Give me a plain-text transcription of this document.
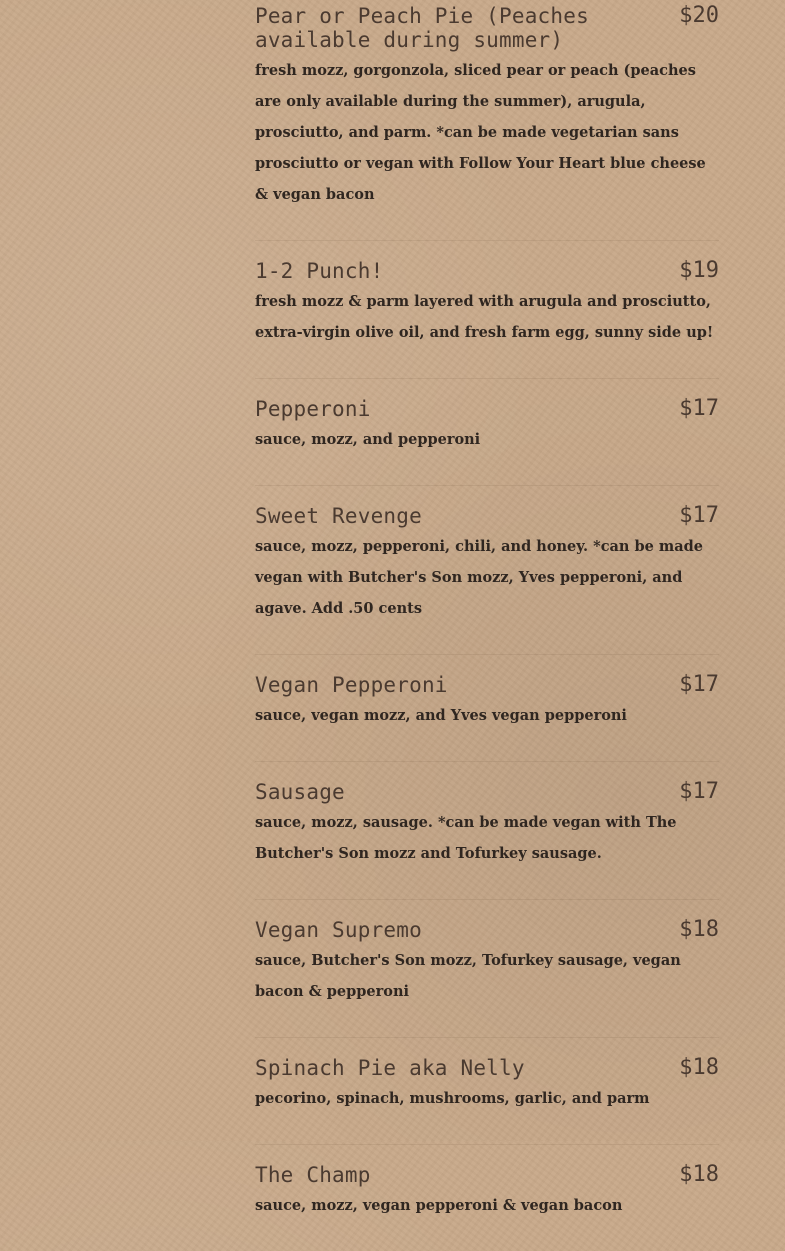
Pear or Peach Pie (Peaches available during summer)
$20
fresh mozz, gorgonzola, sliced pear or peach (peaches are only available during the summer), arugula, prosciutto, and parm. *can be made vegetarian sans prosciutto or vegan with Follow Your Heart blue cheese & vegan bacon
1-2 Punch!	$19
fresh mozz & parm layered with arugula and prosciutto, extra-virgin olive oil, and fresh farm egg, sunny side up!
Pepperoni	$17
sauce, mozz, and pepperoni
Sweet Revenge	$17
sauce, mozz, pepperoni, chili, and honey. *can be made vegan with Butcher's Son mozz, Yves pepperoni, and agave. Add .50 cents
Vegan Pepperoni	$17
sauce, vegan mozz, and Yves vegan pepperoni
Sausage	$17
sauce, mozz, sausage. *can be made vegan with The Butcher's Son mozz and Tofurkey sausage.
Vegan Supremo	$18
sauce, Butcher's Son mozz, Tofurkey sausage, vegan bacon & pepperoni
Spinach Pie aka Nelly	$18
pecorino, spinach, mushrooms, garlic, and parm
The Champ	$18
sauce, mozz, vegan pepperoni & vegan bacon
